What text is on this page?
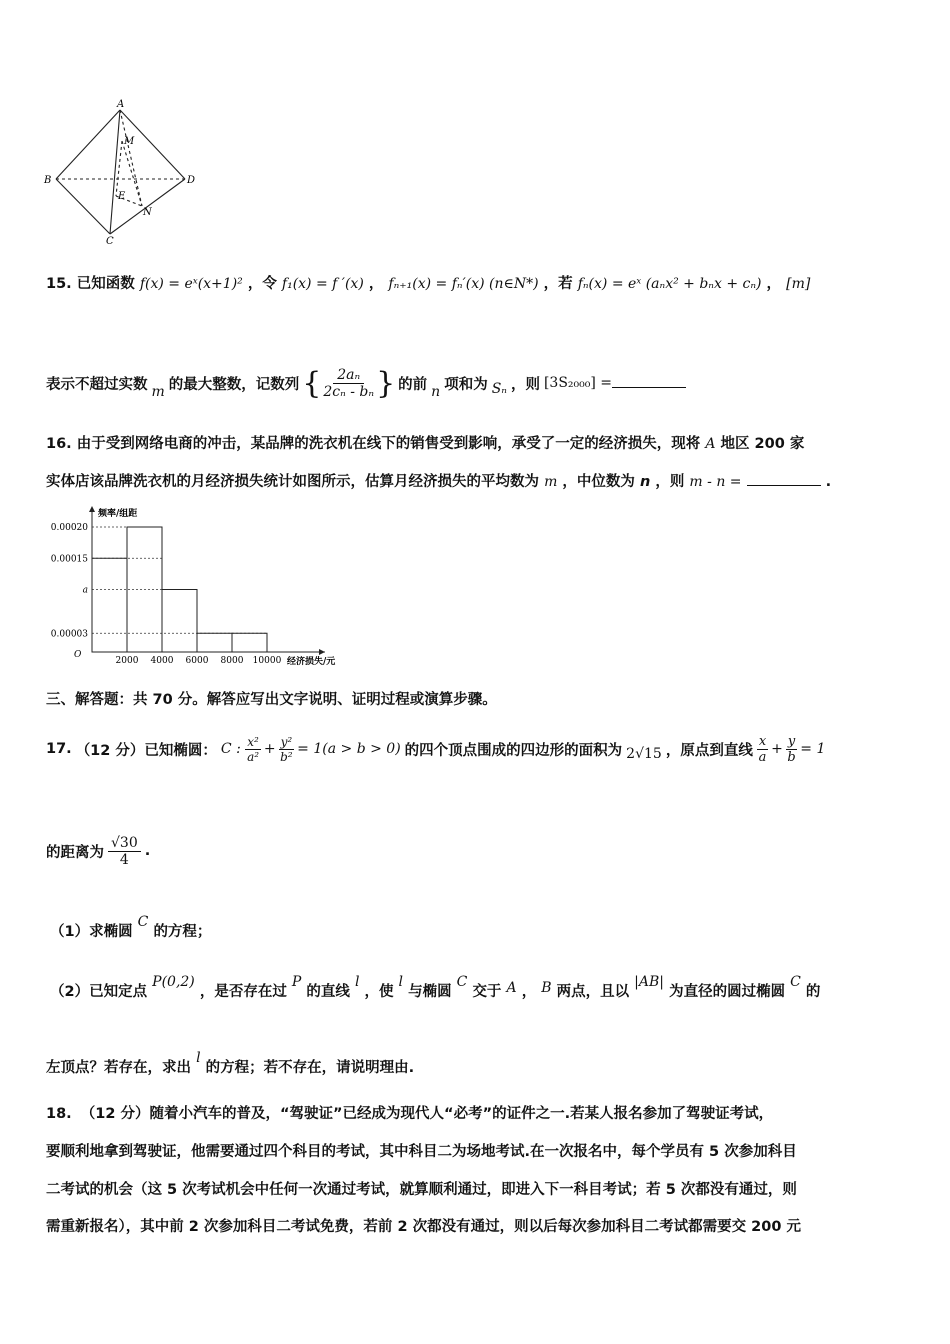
A
B
C
D
M
E
N
15. 已知函数 f(x) = eˣ(x+1)² ，令 f₁(x) = f ′(x) ， fₙ₊₁(x) = fₙ′(x) (n∈N*) ，若 fₙ(x) = eˣ (aₙx² + bₙx + cₙ) ， [m]
表示不超过实数 m 的最大整数，记数列 { 2aₙ
2cₙ - bₙ } 的前 n 项和为 Sₙ ，则 [3S₂₀₀₀] =
16. 由于受到网络电商的冲击，某品牌的洗衣机在线下的销售受到影响，承受了一定的经济损失，现将 A 地区 200 家
实体店该品牌洗衣机的月经济损失统计如图所示，估算月经济损失的平均数为 m ，中位数为 n ，则 m - n =	.
0.00003
a
0.00015
0.00020
2000 4000 6000 8000 10000
O
频率/组距
经济损失/元
三、解答题：共 70 分。解答应写出文字说明、证明过程或演算步骤。
17. （12 分）已知椭圆： C : x²
$a^2 + \frac{\text{y²}}{\text{b²}} = 1(a > b > 0)$ 的四个顶点围成的四边形的面积为 2√15 ，原点到直线
x
$a + \frac{y}{b} = 1$
的距离为
√30
4
.
（1）求椭圆 C 的方程；
（2）已知定点 P(0,2) ，是否存在过 P 的直线 l ，使 l 与椭圆 C 交于 A ， B 两点，且以 |AB| 为直径的圆过椭圆 C 的
左顶点？若存在，求出 l 的方程；若不存在，请说明理由.
18. （12 分）随着小汽车的普及，“驾驶证”已经成为现代人“必考”的证件之一.若某人报名参加了驾驶证考试，
要顺利地拿到驾驶证，他需要通过四个科目的考试，其中科目二为场地考试.在一次报名中，每个学员有 5 次参加科目
二考试的机会（这 5 次考试机会中任何一次通过考试，就算顺利通过，即进入下一科目考试；若 5 次都没有通过，则
需重新报名），其中前 2 次参加科目二考试免费，若前 2 次都没有通过，则以后每次参加科目二考试都需要交 200 元
